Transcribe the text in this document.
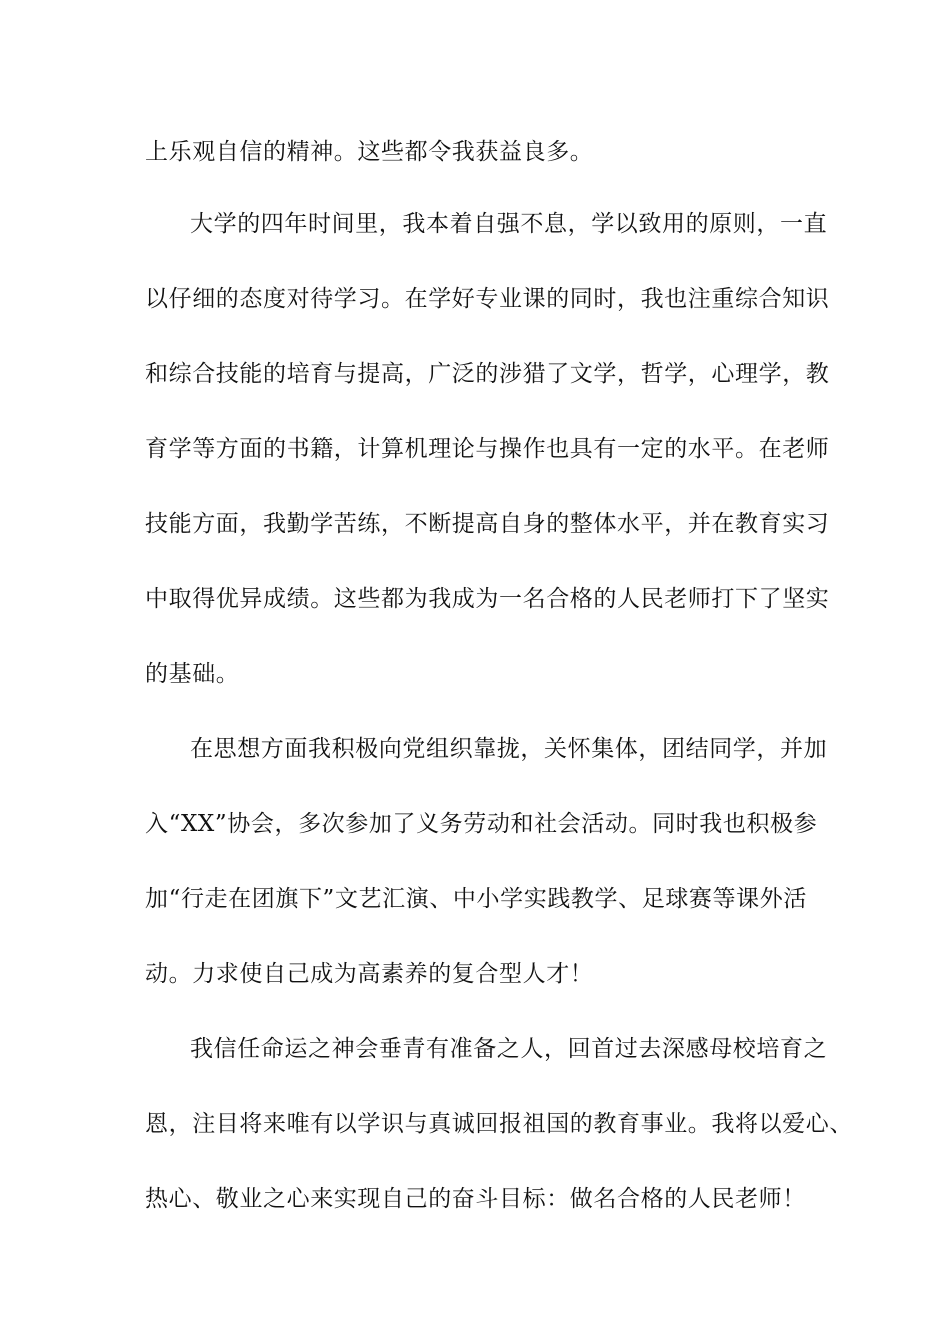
上乐观自信的精神。这些都令我获益良多。
大学的四年时间里，我本着自强不息，学以致用的原则，一直
以仔细的态度对待学习。在学好专业课的同时，我也注重综合知识
和综合技能的培育与提高，广泛的涉猎了文学，哲学，心理学，教
育学等方面的书籍，计算机理论与操作也具有一定的水平。在老师
技能方面，我勤学苦练，不断提高自身的整体水平，并在教育实习
中取得优异成绩。这些都为我成为一名合格的人民老师打下了坚实
的基础。
在思想方面我积极向党组织靠拢，关怀集体，团结同学，并加
入“XX”协会，多次参加了义务劳动和社会活动。同时我也积极参
加“行走在团旗下”文艺汇演、中小学实践教学、足球赛等课外活
动。力求使自己成为高素养的复合型人才！
我信任命运之神会垂青有准备之人，回首过去深感母校培育之
恩，注目将来唯有以学识与真诚回报祖国的教育事业。我将以爱心、
热心、敬业之心来实现自己的奋斗目标：做名合格的人民老师！
